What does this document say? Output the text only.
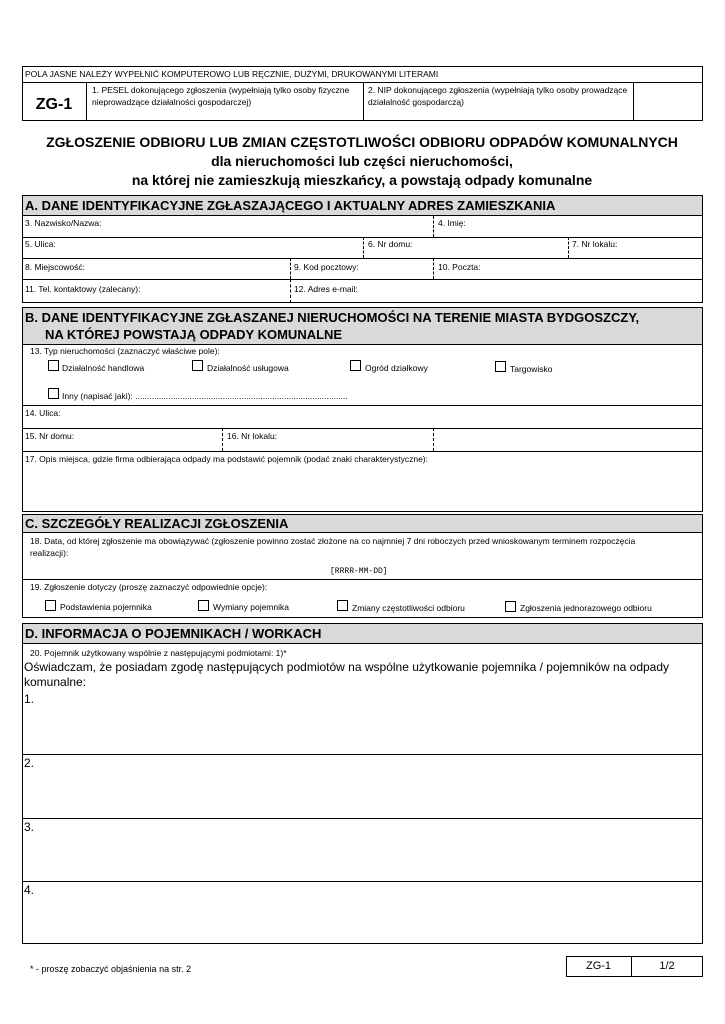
POLA JASNE NALEŻY WYPEŁNIĆ KOMPUTEROWO LUB RĘCZNIE, DUŻYMI, DRUKOWANYMI LITERAMI
ZG-1
1. PESEL dokonującego zgłoszenia (wypełniają tylko osoby fizyczne nieprowadzące działalności gospodarczej)
2. NIP dokonującego zgłoszenia (wypełniają tylko osoby prowadzące działalność gospodarczą)
ZGŁOSZENIE ODBIORU LUB ZMIAN CZĘSTOTLIWOŚCI ODBIORU ODPADÓW KOMUNALNYCH
dla nieruchomości lub części nieruchomości,
na której nie zamieszkują mieszkańcy, a powstają odpady komunalne
A. DANE IDENTYFIKACYJNE ZGŁASZAJĄCEGO I AKTUALNY ADRES ZAMIESZKANIA
3. Nazwisko/Nazwa:	4. Imię:
5. Ulica:	6. Nr domu:	7. Nr lokalu:
8. Miejscowość:	9. Kod pocztowy:	10. Poczta:
11. Tel. kontaktowy (zalecany):	12. Adres e-mail:
B. DANE IDENTYFIKACYJNE ZGŁASZANEJ NIERUCHOMOŚCI NA TERENIE MIASTA BYDGOSZCZY,
NA KTÓREJ POWSTAJĄ ODPADY KOMUNALNE
13. Typ nieruchomości (zaznaczyć właściwe pole):
Działalność handlowa	Działalność usługowa	Ogród działkowy	Targowisko
Inny (napisać jaki): ..........................................................................................
14. Ulica:
15. Nr domu:	16. Nr lokalu:
17. Opis miejsca, gdzie firma odbierająca odpady ma podstawić pojemnik (podać znaki charakterystyczne):
C. SZCZEGÓŁY REALIZACJI ZGŁOSZENIA
18. Data, od której zgłoszenie ma obowiązywać (zgłoszenie powinno zostać złożone na co najmniej 7 dni roboczych przed wnioskowanym terminem rozpoczęcia realizacji):
[RRRR-MM-DD]
19. Zgłoszenie dotyczy (proszę zaznaczyć odpowiednie opcje):
Podstawienia pojemnika	Wymiany pojemnika	Zmiany częstotliwości odbioru	Zgłoszenia jednorazowego odbioru
D. INFORMACJA O POJEMNIKACH / WORKACH
20. Pojemnik użytkowany wspólnie z następującymi podmiotami: 1)*
Oświadczam, że posiadam zgodę następujących podmiotów na wspólne użytkowanie pojemnika / pojemników na odpady komunalne:
1.
2.
3.
4.
* - proszę zobaczyć objaśnienia na str. 2	ZG-1	1/2
